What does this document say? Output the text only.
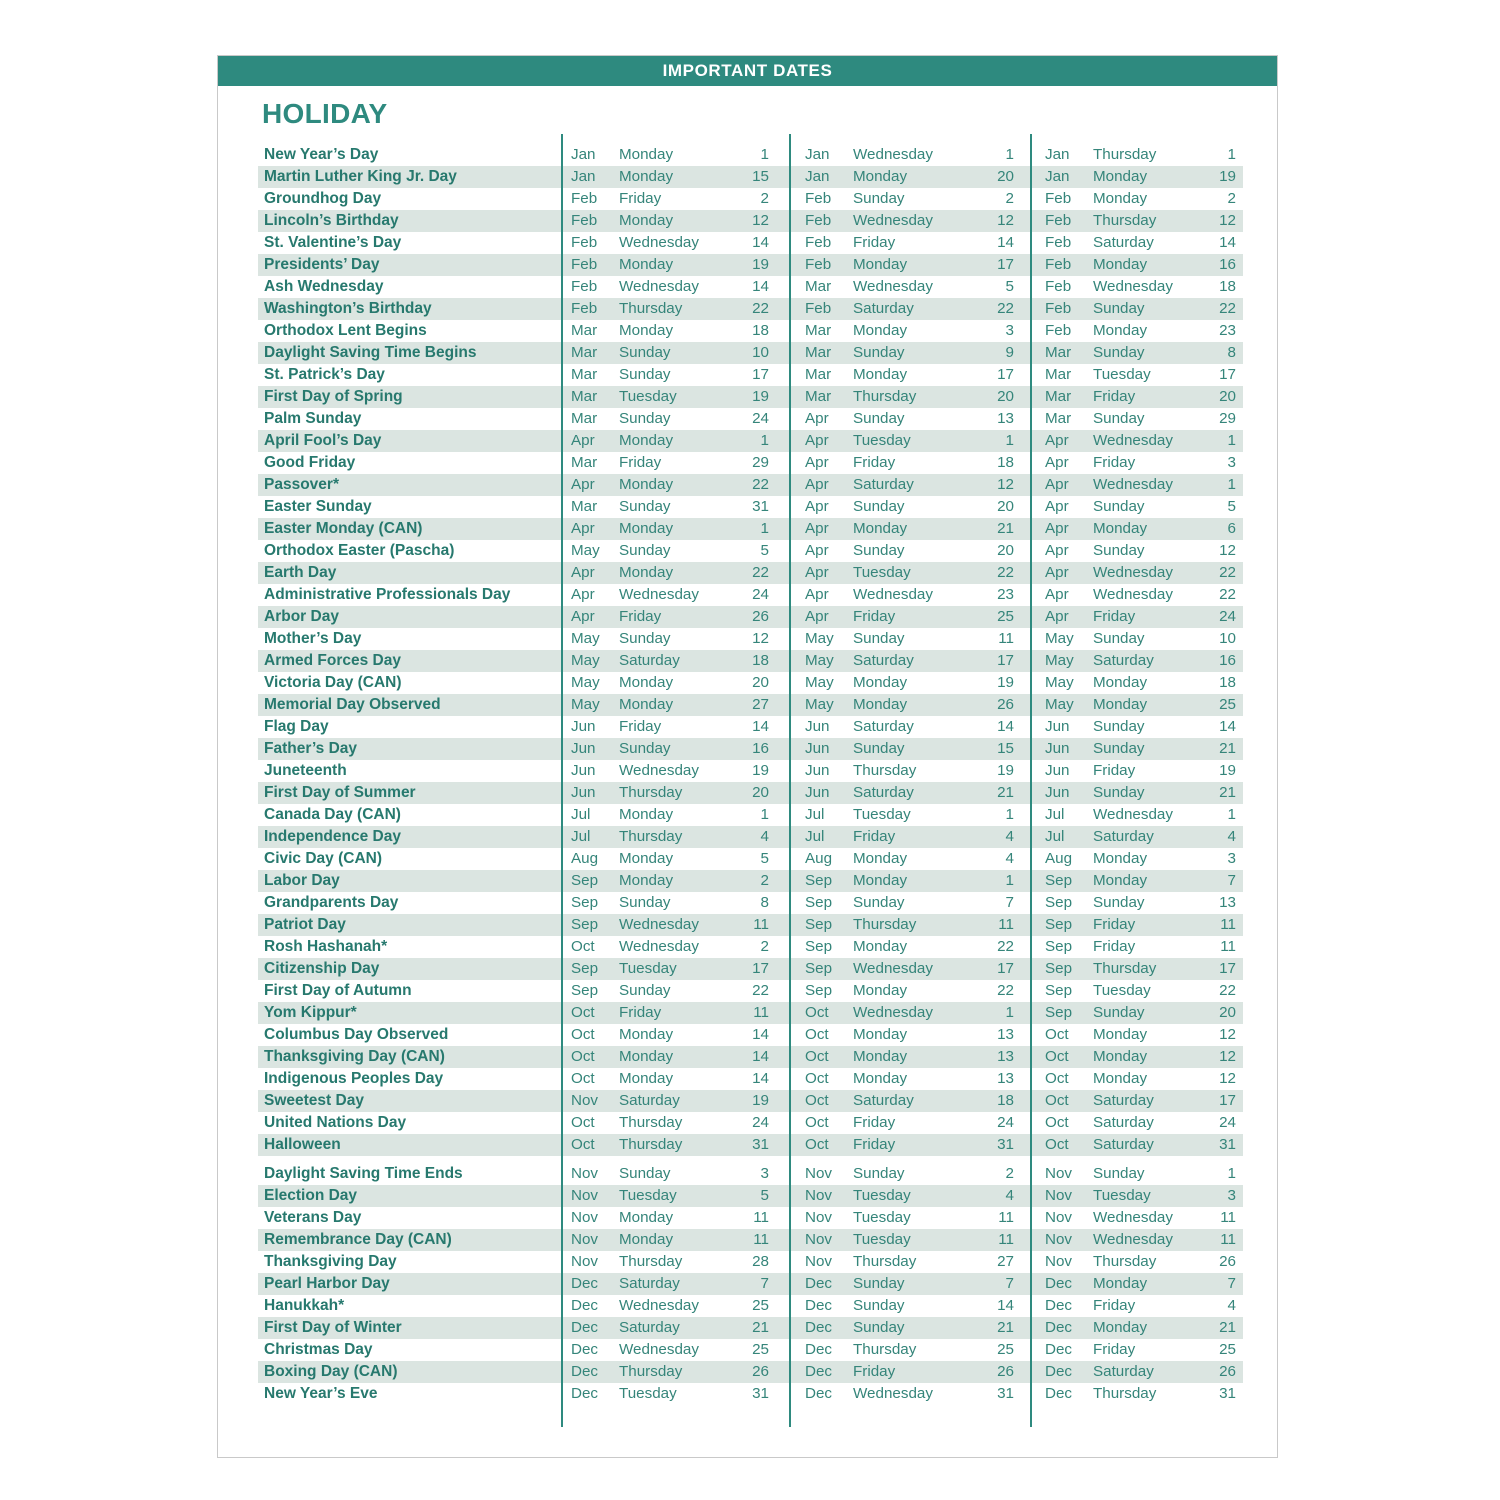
IMPORTANT DATES
HOLIDAY
New Year’s Day	Jan	Monday	1 Jan	Wednesday	1 Jan	Thursday	1
Martin Luther King Jr. Day	Jan	Monday	15 Jan	Monday	20 Jan	Monday	19
Groundhog Day	Feb	Friday	2 Feb	Sunday	2 Feb	Monday	2
Lincoln’s Birthday	Feb	Monday	12 Feb	Wednesday	12 Feb	Thursday	12
St. Valentine’s Day	Feb	Wednesday	14 Feb	Friday	14 Feb	Saturday	14
Presidents’ Day	Feb	Monday	19 Feb	Monday	17 Feb	Monday	16
Ash Wednesday	Feb	Wednesday	14 Mar	Wednesday	5 Feb	Wednesday	18
Washington’s Birthday	Feb	Thursday	22 Feb	Saturday	22 Feb	Sunday	22
Orthodox Lent Begins	Mar	Monday	18 Mar	Monday	3 Feb	Monday	23
Daylight Saving Time Begins	Mar	Sunday	10 Mar	Sunday	9 Mar	Sunday	8
St. Patrick’s Day	Mar	Sunday	17 Mar	Monday	17 Mar	Tuesday	17
First Day of Spring	Mar	Tuesday	19 Mar	Thursday	20 Mar	Friday	20
Palm Sunday	Mar	Sunday	24 Apr	Sunday	13 Mar	Sunday	29
April Fool’s Day	Apr	Monday	1 Apr	Tuesday	1 Apr	Wednesday	1
Good Friday	Mar	Friday	29 Apr	Friday	18 Apr	Friday	3
Passover*	Apr	Monday	22 Apr	Saturday	12 Apr	Wednesday	1
Easter Sunday	Mar	Sunday	31 Apr	Sunday	20 Apr	Sunday	5
Easter Monday (CAN)	Apr	Monday	1 Apr	Monday	21 Apr	Monday	6
Orthodox Easter (Pascha)	May	Sunday	5 Apr	Sunday	20 Apr	Sunday	12
Earth Day	Apr	Monday	22 Apr	Tuesday	22 Apr	Wednesday	22
Administrative Professionals Day	Apr	Wednesday	24 Apr	Wednesday	23 Apr	Wednesday	22
Arbor Day	Apr	Friday	26 Apr	Friday	25 Apr	Friday	24
Mother’s Day	May	Sunday	12 May	Sunday	11 May	Sunday	10
Armed Forces Day	May	Saturday	18 May	Saturday	17 May	Saturday	16
Victoria Day (CAN)	May	Monday	20 May	Monday	19 May	Monday	18
Memorial Day Observed	May	Monday	27 May	Monday	26 May	Monday	25
Flag Day	Jun	Friday	14 Jun	Saturday	14 Jun	Sunday	14
Father’s Day	Jun	Sunday	16 Jun	Sunday	15 Jun	Sunday	21
Juneteenth	Jun	Wednesday	19 Jun	Thursday	19 Jun	Friday	19
First Day of Summer	Jun	Thursday	20 Jun	Saturday	21 Jun	Sunday	21
Canada Day (CAN)	Jul	Monday	1 Jul	Tuesday	1 Jul	Wednesday	1
Independence Day	Jul	Thursday	4 Jul	Friday	4 Jul	Saturday	4
Civic Day (CAN)	Aug	Monday	5 Aug	Monday	4 Aug	Monday	3
Labor Day	Sep	Monday	2 Sep	Monday	1 Sep	Monday	7
Grandparents Day	Sep	Sunday	8 Sep	Sunday	7 Sep	Sunday	13
Patriot Day	Sep	Wednesday	11 Sep	Thursday	11 Sep	Friday	11
Rosh Hashanah*	Oct	Wednesday	2 Sep	Monday	22 Sep	Friday	11
Citizenship Day	Sep	Tuesday	17 Sep	Wednesday	17 Sep	Thursday	17
First Day of Autumn	Sep	Sunday	22 Sep	Monday	22 Sep	Tuesday	22
Yom Kippur*	Oct	Friday	11 Oct	Wednesday	1 Sep	Sunday	20
Columbus Day Observed	Oct	Monday	14 Oct	Monday	13 Oct	Monday	12
Thanksgiving Day (CAN)	Oct	Monday	14 Oct	Monday	13 Oct	Monday	12
Indigenous Peoples Day	Oct	Monday	14 Oct	Monday	13 Oct	Monday	12
Sweetest Day	Nov	Saturday	19 Oct	Saturday	18 Oct	Saturday	17
United Nations Day	Oct	Thursday	24 Oct	Friday	24 Oct	Saturday	24
Halloween	Oct	Thursday	31 Oct	Friday	31 Oct	Saturday	31
Daylight Saving Time Ends	Nov	Sunday	3 Nov	Sunday	2 Nov	Sunday	1
Election Day	Nov	Tuesday	5 Nov	Tuesday	4 Nov	Tuesday	3
Veterans Day	Nov	Monday	11 Nov	Tuesday	11 Nov	Wednesday	11
Remembrance Day (CAN)	Nov	Monday	11 Nov	Tuesday	11 Nov	Wednesday	11
Thanksgiving Day	Nov	Thursday	28 Nov	Thursday	27 Nov	Thursday	26
Pearl Harbor Day	Dec	Saturday	7 Dec	Sunday	7 Dec	Monday	7
Hanukkah*	Dec	Wednesday	25 Dec	Sunday	14 Dec	Friday	4
First Day of Winter	Dec	Saturday	21 Dec	Sunday	21 Dec	Monday	21
Christmas Day	Dec	Wednesday	25 Dec	Thursday	25 Dec	Friday	25
Boxing Day (CAN)	Dec	Thursday	26 Dec	Friday	26 Dec	Saturday	26
New Year’s Eve	Dec	Tuesday	31 Dec	Wednesday	31 Dec	Thursday	31
